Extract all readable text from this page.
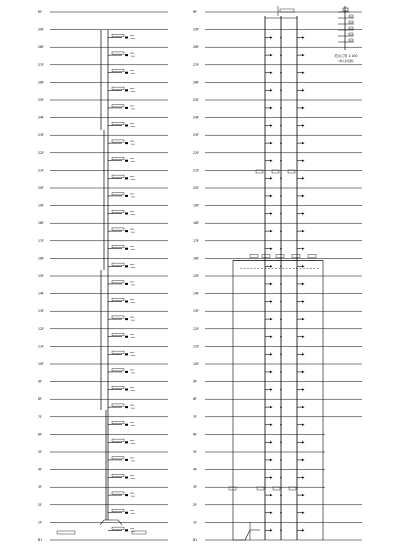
RF
29F
28F
27F
26F
25F
24F
23F
22F
21F
20F
19F
18F
17F
16F
15F
14F
13F
12F
11F
10F
9F
8F
7F
6F
5F
4F
3F
2F
1F
B1
RF
29F
28F
27F
26F
25F
24F
23F
22F
21F
20F
19F
18F
17F
16F
15F
14F
13F
12F
11F
10F
9F
8F
7F
6F
5F
4F
3F
2F
1F
B1
给水立管 1:100
(单元系统图)
